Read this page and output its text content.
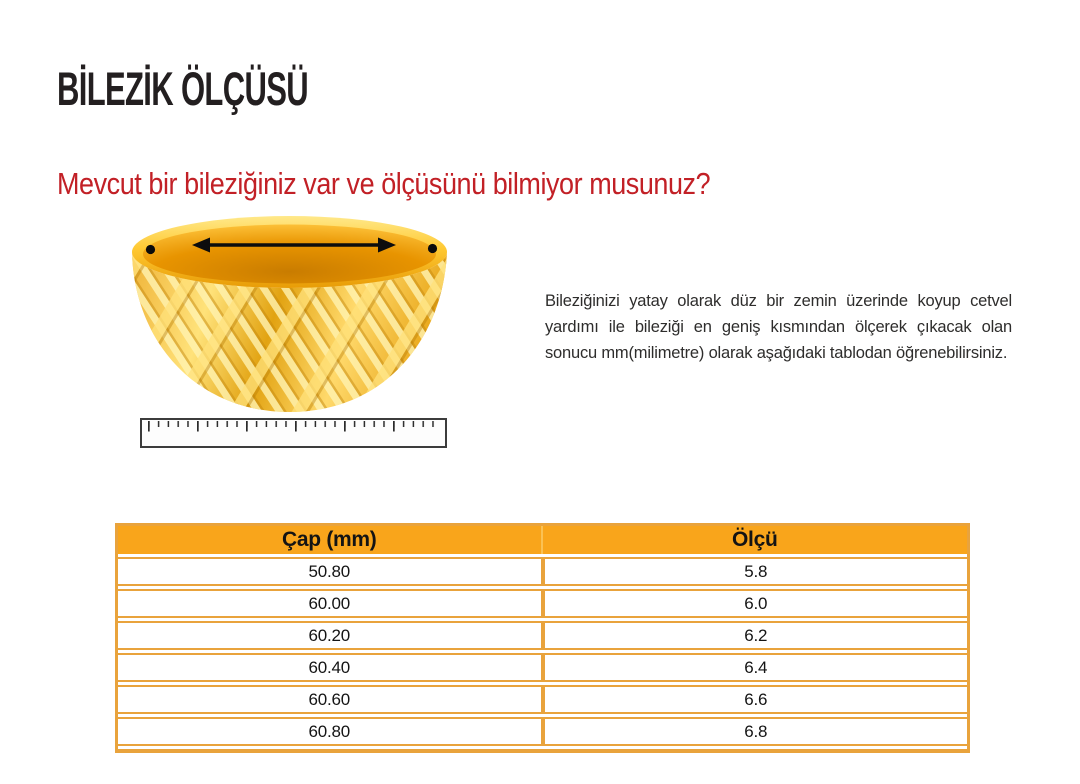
BİLEZİK ÖLÇÜSÜ
Mevcut bir bileziğiniz var ve ölçüsünü bilmiyor musunuz?

Bileziğinizi yatay olarak düz bir zemin üzerinde koyup cetvel yardımı ile bileziği en geniş kısmından ölçerek çıkacak olan sonucu mm(milimetre) olarak aşağıdaki tablodan öğrenebilirsiniz.

Çap (mm)	Ölçü
50.80	5.8
60.00	6.0
60.20	6.2
60.40	6.4
60.60	6.6
60.80	6.8
